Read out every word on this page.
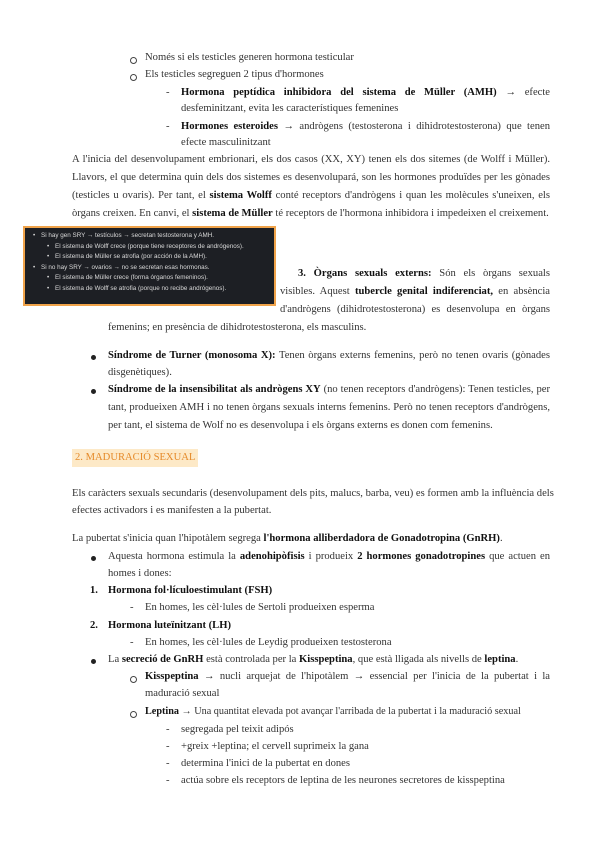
Només si els testicles generen hormona testicular
Els testicles segreguen 2 tipus d'hormones
- Hormona peptídica inhibidora del sistema de Müller (AMH) → efecte
desfeminitzant, evita les característiques femenines
- Hormones esteroides → andrògens (testosterona i dihidrotestosterona) que tenen
efecte masculinitzant
A l'inicia del desenvolupament embrionari, els dos casos (XX, XY) tenen els dos sitemes (de Wolff i Müller).
Llavors, el que determina quin dels dos sistemes es desenvolupará, son les hormones produïdes per les gònades
(testicles u ovaris). Per tant, el sistema Wolff conté receptors d'andrògens i quan les molècules s'uneixen, els
òrgans creixen. En canvi, el sistema de Müller té receptors de l'hormona inhibidora i impedeixen el creixement.
• Si hay gen SRY → testículos → secretan testosterona y AMH.
• El sistema de Wolff crece (porque tiene receptores de andrógenos).
• El sistema de Müller se atrofia (por acción de la AMH).
• Si no hay SRY → ovarios → no se secretan esas hormonas.
• El sistema de Müller crece (forma órganos femeninos).
• El sistema de Wolff se atrofia (porque no recibe andrógenos).
3. Òrgans sexuals externs: Són els òrgans sexuals
visibles. Aquest tubercle genital indiferenciat, en absència
d'andrògens (dihidrotestosterona) es desenvolupa en òrgans
femenins; en presència de dihidrotestosterona, els masculins.
Síndrome de Turner (monosoma X): Tenen òrgans externs femenins, però no tenen ovaris (gònades
disgenètiques).
Síndrome de la insensibilitat als andrògens XY (no tenen receptors d'andrògens): Tenen testicles, per
tant, produeixen AMH i no tenen òrgans sexuals interns femenins. Però no tenen receptors d'andrògens,
per tant, el sistema de Wolf no es desenvolupa i els òrgans externs es donen com femenins.
2. MADURACIÓ SEXUAL
Els caràcters sexuals secundaris (desenvolupament dels pits, malucs, barba, veu) es formen amb la influència dels
efectes activadors i es manifesten a la pubertat.
La pubertat s'inicia quan l'hipotàlem segrega l'hormona alliberdadora de Gonadotropina (GnRH).
Aquesta hormona estimula la adenohipòfisis i produeix 2 hormones gonadotropines que actuen en
homes i dones:
1. Hormona fol·lículoestimulant (FSH)
- En homes, les cèl·lules de Sertoli produeixen esperma
2. Hormona luteïnitzant (LH)
- En homes, les cèl·lules de Leydig produeixen testosterona
La secreció de GnRH està controlada per la Kisspeptina, que està lligada als nivells de leptina.
Kisspeptina → nucli arquejat de l'hipotàlem → essencial per l'inicia de la pubertat i la
maduració sexual
Leptina → Una quantitat elevada pot avançar l'arribada de la pubertat i la maduració sexual
- segregada pel teixit adipós
- +greix +leptina; el cervell suprimeix la gana
- determina l'inici de la pubertat en dones
- actúa sobre els receptors de leptina de les neurones secretores de kisspeptina
